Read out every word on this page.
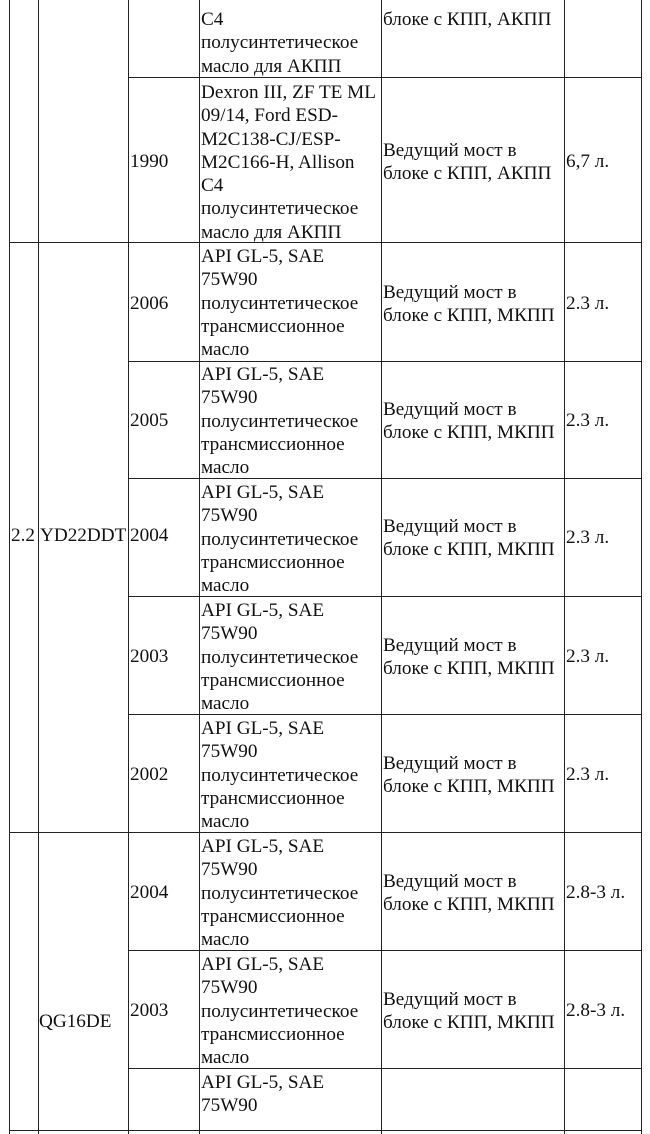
2.2 YD22DDT
QG16DE
C4
полусинтетическое
масло для АКПП
блоке с КПП, АКПП
1990
Dexron III, ZF TE ML
09/14, Ford ESD-
M2C138-CJ/ESP-
M2C166-H, Allison
C4
полусинтетическое
масло для АКПП
Ведущий мост в
блоке с КПП, АКПП
6,7 л.
2006
API GL-5, SAE
75W90
полусинтетическое
трансмиссионное
масло
Ведущий мост в
блоке с КПП, МКПП
2.3 л.
2005
API GL-5, SAE
75W90
полусинтетическое
трансмиссионное
масло
Ведущий мост в
блоке с КПП, МКПП
2.3 л.
2004
API GL-5, SAE
75W90
полусинтетическое
трансмиссионное
масло
Ведущий мост в
блоке с КПП, МКПП
2.3 л.
2003
API GL-5, SAE
75W90
полусинтетическое
трансмиссионное
масло
Ведущий мост в
блоке с КПП, МКПП
2.3 л.
2002
API GL-5, SAE
75W90
полусинтетическое
трансмиссионное
масло
Ведущий мост в
блоке с КПП, МКПП
2.3 л.
2004
API GL-5, SAE
75W90
полусинтетическое
трансмиссионное
масло
Ведущий мост в
блоке с КПП, МКПП
2.8-3 л.
2003
API GL-5, SAE
75W90
полусинтетическое
трансмиссионное
масло
Ведущий мост в
блоке с КПП, МКПП
2.8-3 л.
API GL-5, SAE
75W90
